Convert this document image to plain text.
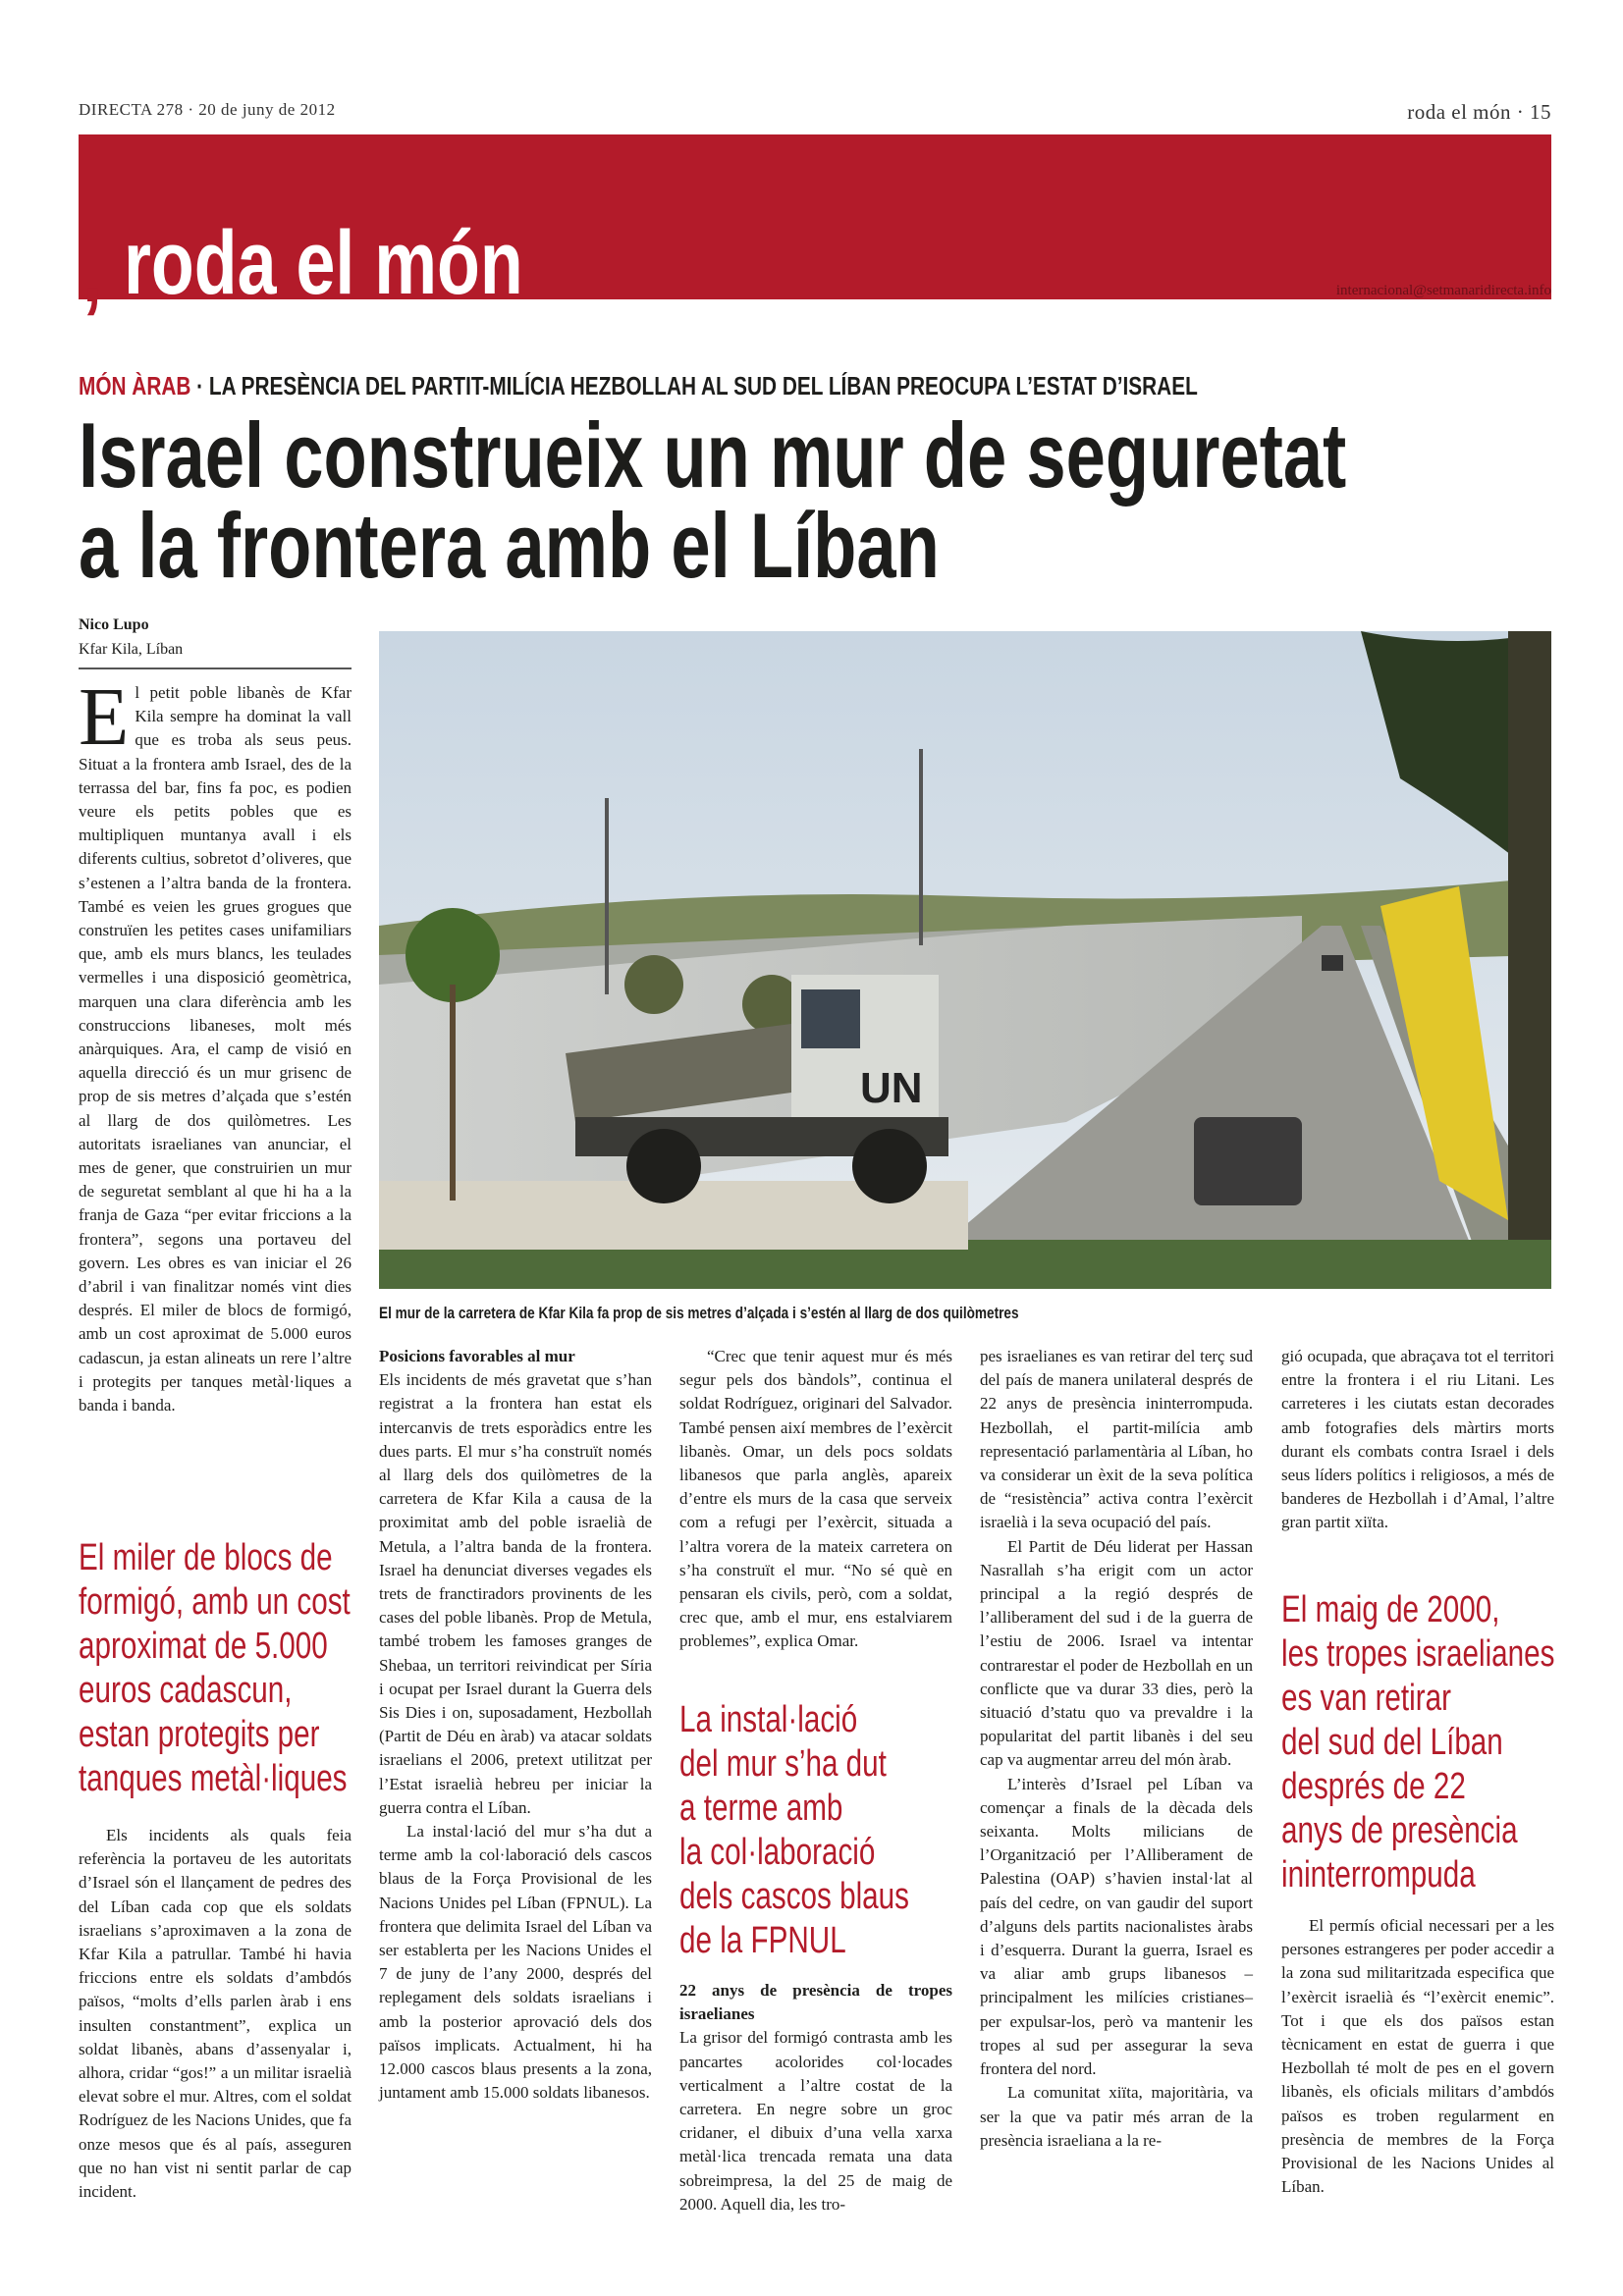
DIRECTA 278 · 20 de juny de 2012	roda el món · 15
, roda el món	internacional@setmanaridirecta.info
MÓN ÀRAB · LA PRESÈNCIA DEL PARTIT-MILÍCIA HEZBOLLAH AL SUD DEL LÍBAN PREOCUPA L’ESTAT D’ISRAEL
Israel construeix un mur de seguretat
a la frontera amb el Líban
Nico Lupo
Kfar Kila, Líban
UN
El mur de la carretera de Kfar Kila fa prop de sis metres d’alçada i s’estén al llarg de dos quilòmetres

El petit poble libanès de Kfar Kila sempre ha dominat la vall que es troba als seus peus. Situat a la frontera amb Israel, des de la terrassa del bar, fins fa poc, es podien veure els petits pobles que es multipliquen muntanya avall i els diferents cultius, sobretot d’oliveres, que s’estenen a l’altra banda de la frontera. També es veien les grues grogues que construïen les petites cases unifamiliars que, amb els murs blancs, les teulades vermelles i una disposició geomètrica, marquen una clara diferència amb les construccions libaneses, molt més anàrquiques. Ara, el camp de visió en aquella direcció és un mur grisenc de prop de sis metres d’alçada que s’estén al llarg de dos quilòmetres. Les autoritats israelianes van anunciar, el mes de gener, que construirien un mur de seguretat semblant al que hi ha a la franja de Gaza “per evitar friccions a la frontera”, segons una portaveu del govern. Les obres es van iniciar el 26 d’abril i van finalitzar només vint dies després. El miler de blocs de formigó, amb un cost aproximat de 5.000 euros cadascun, ja estan alineats un rere l’altre i protegits per tanques metàl·liques a banda i banda.

El miler de blocs de
formigó, amb un cost
aproximat de 5.000
euros cadascun,
estan protegits per
tanques metàl·liques

Els incidents als quals feia referència la portaveu de les autoritats d’Israel són el llançament de pedres des del Líban cada cop que els soldats israelians s’aproximaven a la zona de Kfar Kila a patrullar. També hi havia friccions entre els soldats d’ambdós països, “molts d’ells parlen àrab i ens insulten constantment”, explica un soldat libanès, abans d’assenyalar i, alhora, cridar “gos!” a un militar israelià elevat sobre el mur. Altres, com el soldat Rodríguez de les Nacions Unides, que fa onze mesos que és al país, asseguren que no han vist ni sentit parlar de cap incident.

Posicions favorables al mur

Els incidents de més gravetat que s’han registrat a la frontera han estat els intercanvis de trets esporàdics entre les dues parts. El mur s’ha construït només al llarg dels dos quilòmetres de la carretera de Kfar Kila a causa de la proximitat amb del poble israelià de Metula, a l’altra banda de la frontera. Israel ha denunciat diverses vegades els trets de franctiradors provinents de les cases del poble libanès. Prop de Metula, també trobem les famoses granges de Shebaa, un territori reivindicat per Síria i ocupat per Israel durant la Guerra dels Sis Dies i on, suposadament, Hezbollah (Partit de Déu en àrab) va atacar soldats israelians el 2006, pretext utilitzat per l’Estat israelià hebreu per iniciar la guerra contra el Líban.

La instal·lació del mur s’ha dut a terme amb la col·laboració dels cascos blaus de la Força Provisional de les Nacions Unides pel Líban (FPNUL). La frontera que delimita Israel del Líban va ser establerta per les Nacions Unides el 7 de juny de l’any 2000, després del replegament dels soldats israelians i amb la posterior aprovació dels dos països implicats. Actualment, hi ha 12.000 cascos blaus presents a la zona, juntament amb 15.000 soldats libanesos.

“Crec que tenir aquest mur és més segur pels dos bàndols”, continua el soldat Rodríguez, originari del Salvador. També pensen així membres de l’exèrcit libanès. Omar, un dels pocs soldats libanesos que parla anglès, apareix d’entre els murs de la casa que serveix com a refugi per l’exèrcit, situada a l’altra vorera de la mateix carretera on s’ha construït el mur. “No sé què en pensaran els civils, però, com a soldat, crec que, amb el mur, ens estalviarem problemes”, explica Omar.

La instal·lació
del mur s’ha dut
a terme amb
la col·laboració
dels cascos blaus
de la FPNUL
22 anys de presència de tropes israelianes

La grisor del formigó contrasta amb les pancartes acolorides col·locades verticalment a l’altre costat de la carretera. En negre sobre un groc cridaner, el dibuix d’una vella xarxa metàl·lica trencada remata una data sobreimpresa, la del 25 de maig de 2000. Aquell dia, les tro-

pes israelianes es van retirar del terç sud del país de manera unilateral després de 22 anys de presència ininterrompuda. Hezbollah, el partit-milícia amb representació parlamentària al Líban, ho va considerar un èxit de la seva política de “resistència” activa contra l’exèrcit israelià i la seva ocupació del país.

El Partit de Déu liderat per Hassan Nasrallah s’ha erigit com un actor principal a la regió després de l’alliberament del sud i de la guerra de l’estiu de 2006. Israel va intentar contrarestar el poder de Hezbollah en un conflicte que va durar 33 dies, però la situació d’statu quo va prevaldre i la popularitat del partit libanès i del seu cap va augmentar arreu del món àrab.

L’interès d’Israel pel Líban va començar a finals de la dècada dels seixanta. Molts milicians de l’Organització per l’Alliberament de Palestina (OAP) s’havien instal·lat al país del cedre, on van gaudir del suport d’alguns dels partits nacionalistes àrabs i d’esquerra. Durant la guerra, Israel es va aliar amb grups libanesos –principalment les milícies cristianes– per expulsar-los, però va mantenir les tropes al sud per assegurar la seva frontera del nord.

La comunitat xiïta, majoritària, va ser la que va patir més arran de la presència israeliana a la re-

gió ocupada, que abraçava tot el territori entre la frontera i el riu Litani. Les carreteres i les ciutats estan decorades amb fotografies dels màrtirs morts durant els combats contra Israel i dels seus líders polítics i religiosos, a més de banderes de Hezbollah i d’Amal, l’altre gran partit xiïta.

El maig de 2000,
les tropes israelianes
es van retirar
del sud del Líban
després de 22
anys de presència
ininterrompuda

El permís oficial necessari per a les persones estrangeres per poder accedir a la zona sud militaritzada especifica que l’exèrcit israelià és “l’exèrcit enemic”. Tot i que els dos països estan tècnicament en estat de guerra i que Hezbollah té molt de pes en el govern libanès, els oficials militars d’ambdós països es troben regularment en presència de membres de la Força Provisional de les Nacions Unides al Líban.
